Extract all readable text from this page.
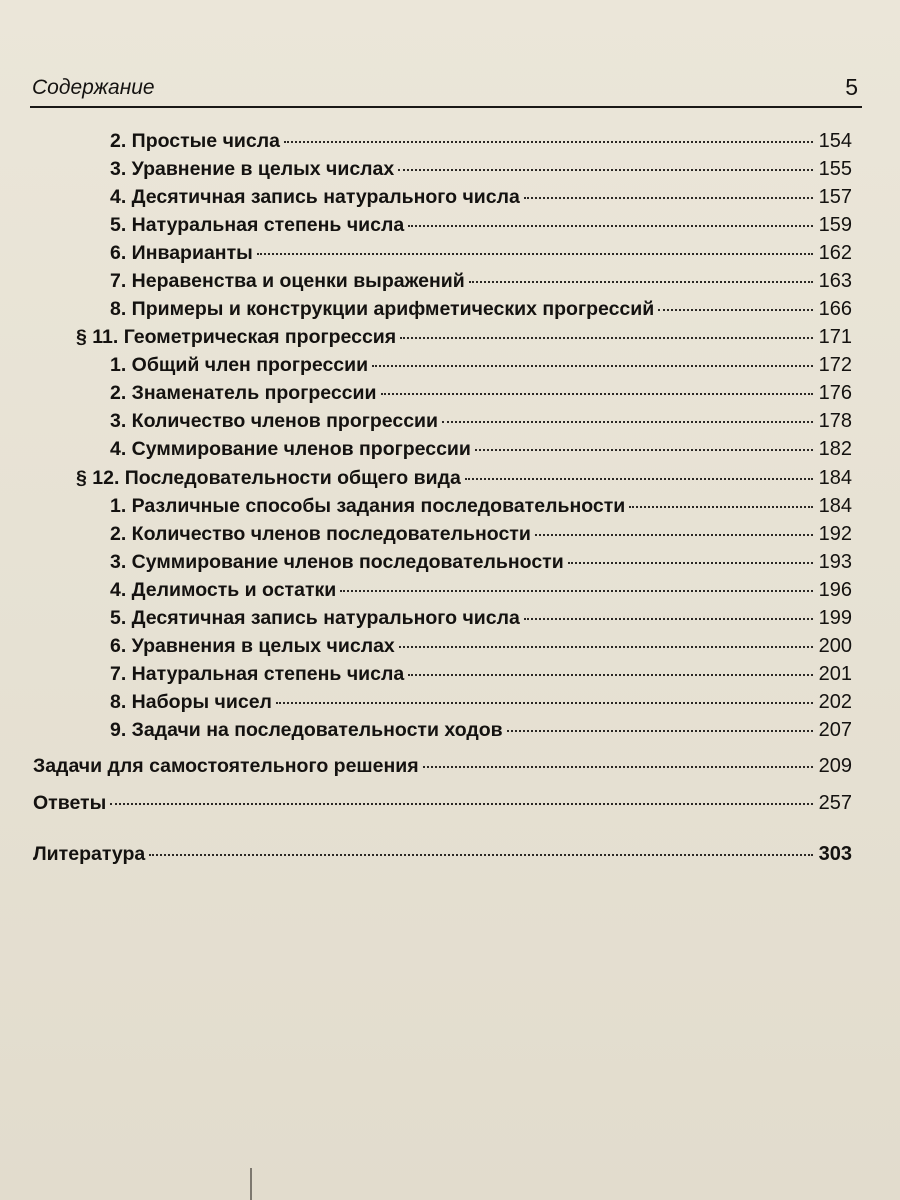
Содержание	5
2. Простые числа	154
3. Уравнение в целых числах	155
4. Десятичная запись натурального числа	157
5. Натуральная степень числа	159
6. Инварианты	162
7. Неравенства и оценки выражений	163
8. Примеры и конструкции арифметических прогрессий	166
§ 11. Геометрическая прогрессия	171
1. Общий член прогрессии	172
2. Знаменатель прогрессии	176
3. Количество членов прогрессии	178
4. Суммирование членов прогрессии	182
§ 12. Последовательности общего вида	184
1. Различные способы задания последовательности	184
2. Количество членов последовательности	192
3. Суммирование членов последовательности	193
4. Делимость и остатки	196
5. Десятичная запись натурального числа	199
6. Уравнения в целых числах	200
7. Натуральная степень числа	201
8. Наборы чисел	202
9. Задачи на последовательности ходов	207
Задачи для самостоятельного решения	209
Ответы	257
Литература	303
